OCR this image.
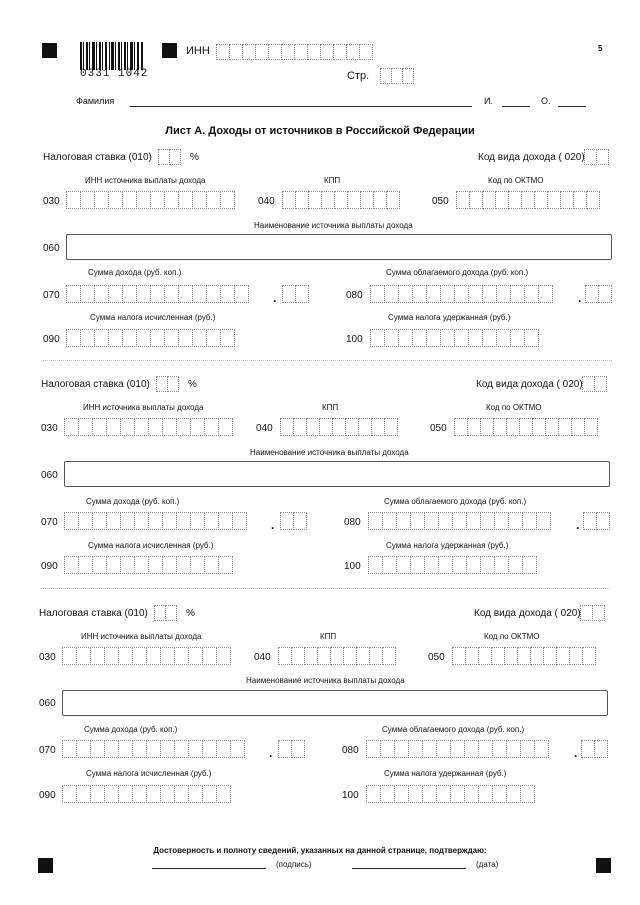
0331 1042
ИНН
Стр.
5
Фамилия	И.	О.
Лист А. Доходы от источников в Российской Федерации
Налоговая ставка (010)	%	Код вида дохода ( 020)
ИНН источника выплаты дохода	КПП	Код по ОКТМО
030	040	050
Наименование источника выплаты дохода
060
Сумма дохода (руб. коп.)	Сумма облагаемого дохода (руб. коп.)
070	.	080	.
Сумма налога исчисленная (руб.)	Сумма налога удержанная (руб.)
090	100
Налоговая ставка (010)	%	Код вида дохода ( 020)
ИНН источника выплаты дохода	КПП	Код по ОКТМО
030	040	050
Наименование источника выплаты дохода
060
Сумма дохода (руб. коп.)	Сумма облагаемого дохода (руб. коп.)
070	.	080	.
Сумма налога исчисленная (руб.)	Сумма налога удержанная (руб.)
090	100
Налоговая ставка (010)	%	Код вида дохода ( 020)
ИНН источника выплаты дохода	КПП	Код по ОКТМО
030	040	050
Наименование источника выплаты дохода
060
Сумма дохода (руб. коп.)	Сумма облагаемого дохода (руб. коп.)
070	.	080	.
Сумма налога исчисленная (руб.)	Сумма налога удержанная (руб.)
090	100
Достоверность и полноту сведений, указанных на данной странице, подтверждаю:
(подпись)	(дата)
